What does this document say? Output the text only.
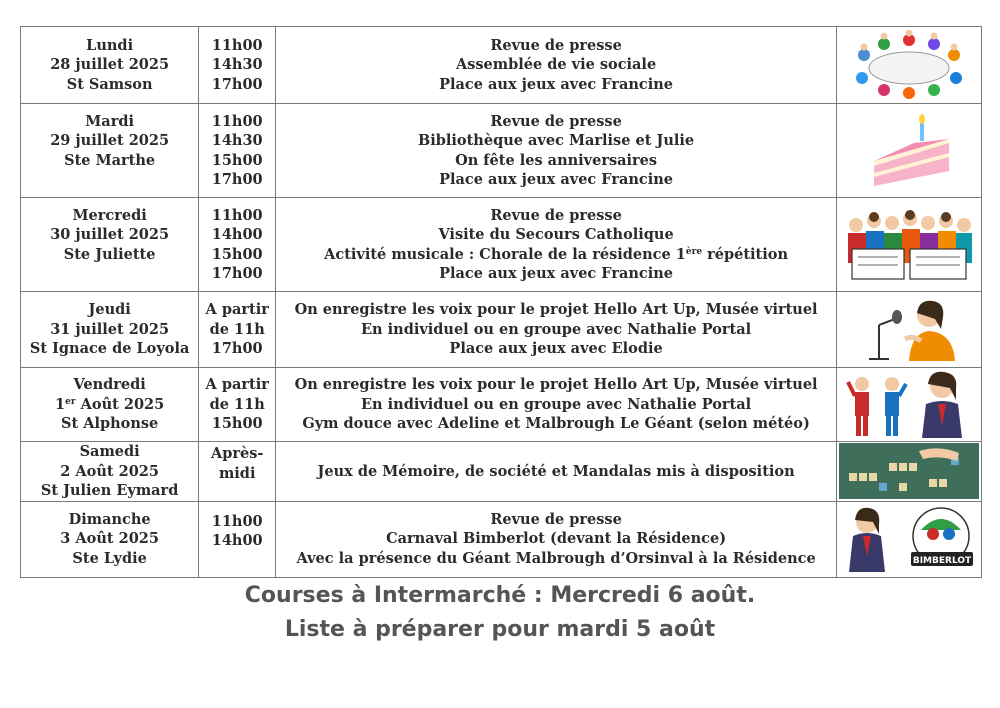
Lundi
28 juillet 2025
St Samson	11h00
14h30
17h00	Revue de presse
Assemblée de vie sociale
Place aux jeux avec Francine

Mardi
29 juillet 2025
Ste Marthe	11h00
14h30
15h00
17h00	Revue de presse
Bibliothèque avec Marlise et Julie
On fête les anniversaires
Place aux jeux avec Francine

Mercredi
30 juillet 2025
Ste Juliette	11h00
14h00
15h00
17h00	Revue de presse
Visite du Secours Catholique
Activité musicale : Chorale de la résidence 1ère répétition
Place aux jeux avec Francine

Jeudi
31 juillet 2025
St Ignace de Loyola	A partir
de 11h
17h00	On enregistre les voix pour le projet Hello Art Up, Musée virtuel
En individuel ou en groupe avec Nathalie Portal
Place aux jeux avec Elodie

Vendredi
1er Août 2025
St Alphonse	A partir
de 11h
15h00	On enregistre les voix pour le projet Hello Art Up, Musée virtuel
En individuel ou en groupe avec Nathalie Portal
Gym douce avec Adeline et Malbrough Le Géant (selon météo)

Samedi
2 Août 2025
St Julien Eymard	Après-
midi	Jeux de Mémoire, de société et Mandalas mis à disposition

Dimanche
3 Août 2025
Ste Lydie	11h00
14h00	Revue de presse
Carnaval Bimberlot (devant la Résidence)
Avec la présence du Géant Malbrough d’Orsinval à la Résidence	BIMBERLOT
Courses à Intermarché : Mercredi 6 août.
Liste à préparer pour mardi 5 août
